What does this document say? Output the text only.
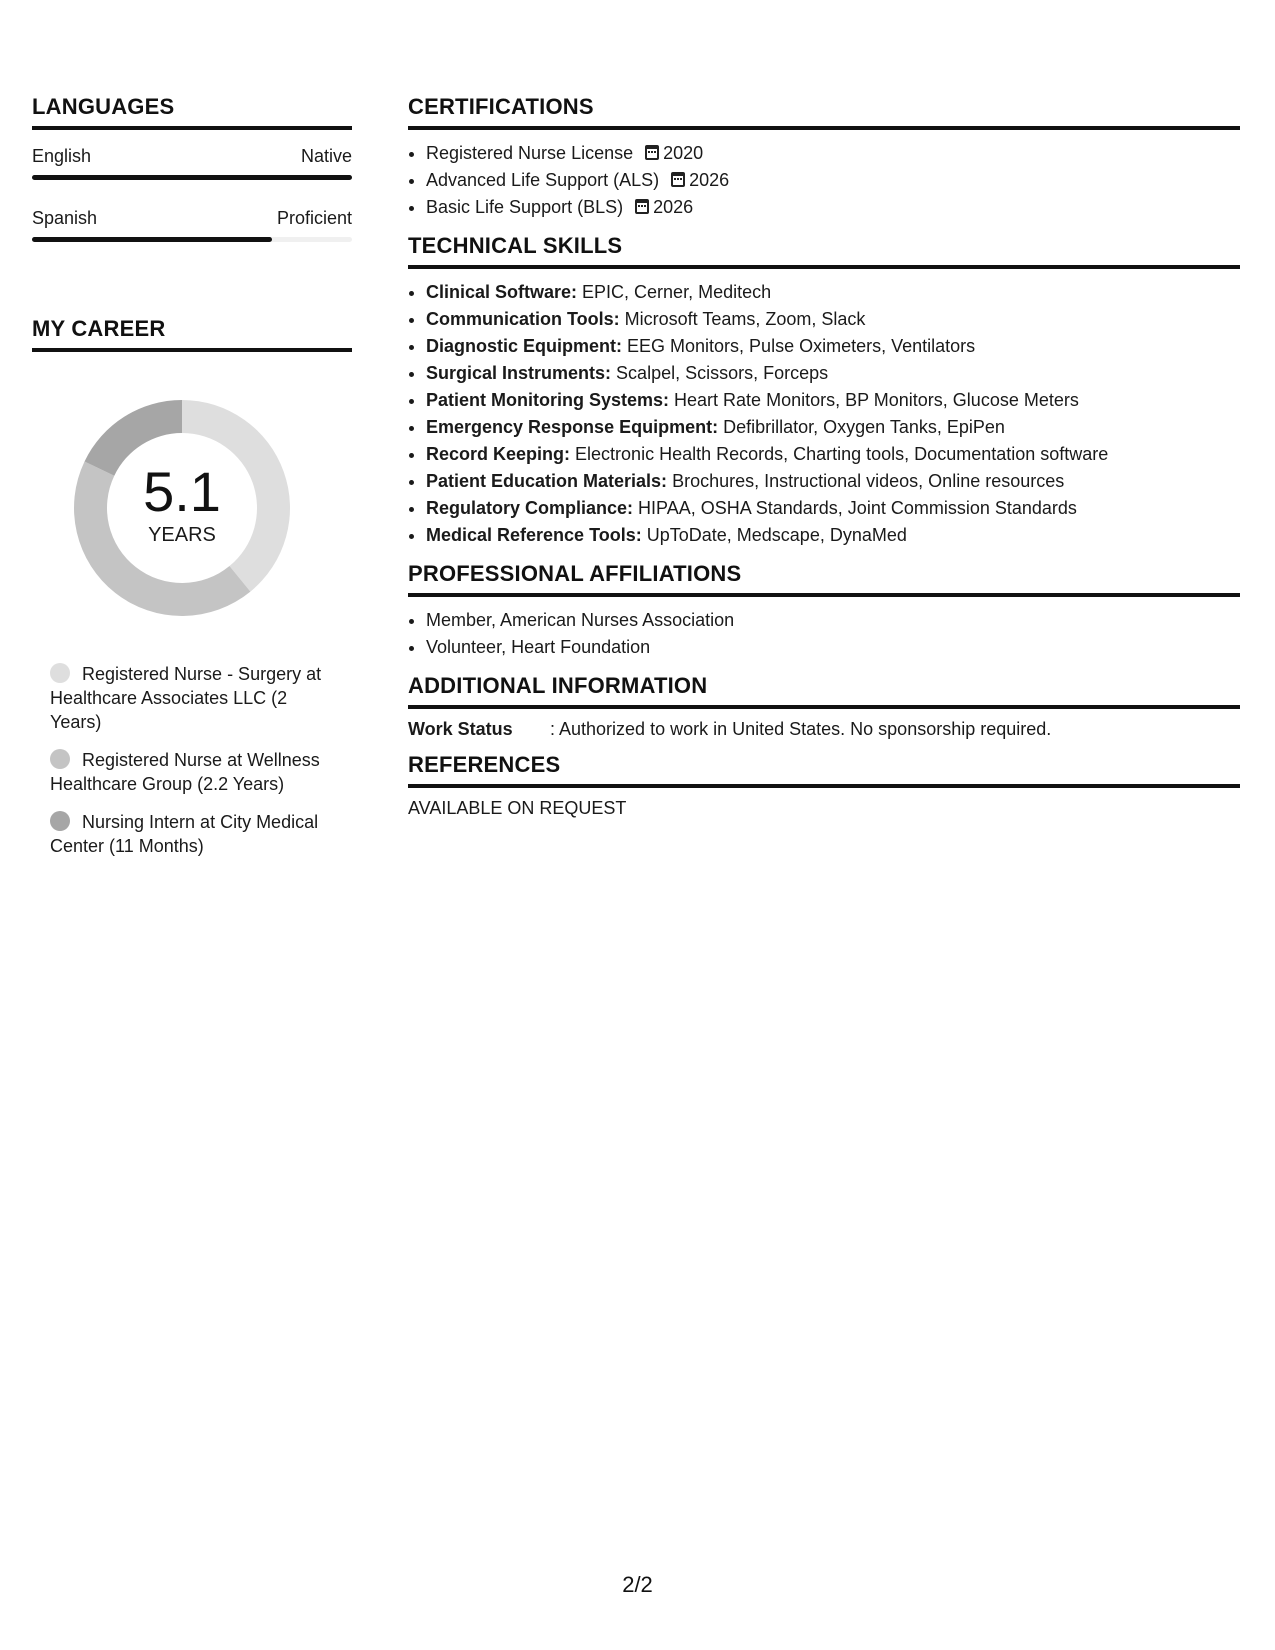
LANGUAGES
English	Native
Spanish	Proficient
MY CAREER
5.1
YEARS
Registered Nurse - Surgery at Healthcare Associates LLC (2 Years)
Registered Nurse at Wellness Healthcare Group (2.2 Years)
Nursing Intern at City Medical Center (11 Months)
CERTIFICATIONS
• Registered Nurse License 2020
• Advanced Life Support (ALS) 2026
• Basic Life Support (BLS) 2026
TECHNICAL SKILLS
• Clinical Software: EPIC, Cerner, Meditech
• Communication Tools: Microsoft Teams, Zoom, Slack
• Diagnostic Equipment: EEG Monitors, Pulse Oximeters, Ventilators
• Surgical Instruments: Scalpel, Scissors, Forceps
• Patient Monitoring Systems: Heart Rate Monitors, BP Monitors, Glucose Meters
• Emergency Response Equipment: Defibrillator, Oxygen Tanks, EpiPen
• Record Keeping: Electronic Health Records, Charting tools, Documentation software
• Patient Education Materials: Brochures, Instructional videos, Online resources
• Regulatory Compliance: HIPAA, OSHA Standards, Joint Commission Standards
• Medical Reference Tools: UpToDate, Medscape, DynaMed
PROFESSIONAL AFFILIATIONS
• Member, American Nurses Association
• Volunteer, Heart Foundation
ADDITIONAL INFORMATION
Work Status	: Authorized to work in United States. No sponsorship required.
REFERENCES
AVAILABLE ON REQUEST
2/2
